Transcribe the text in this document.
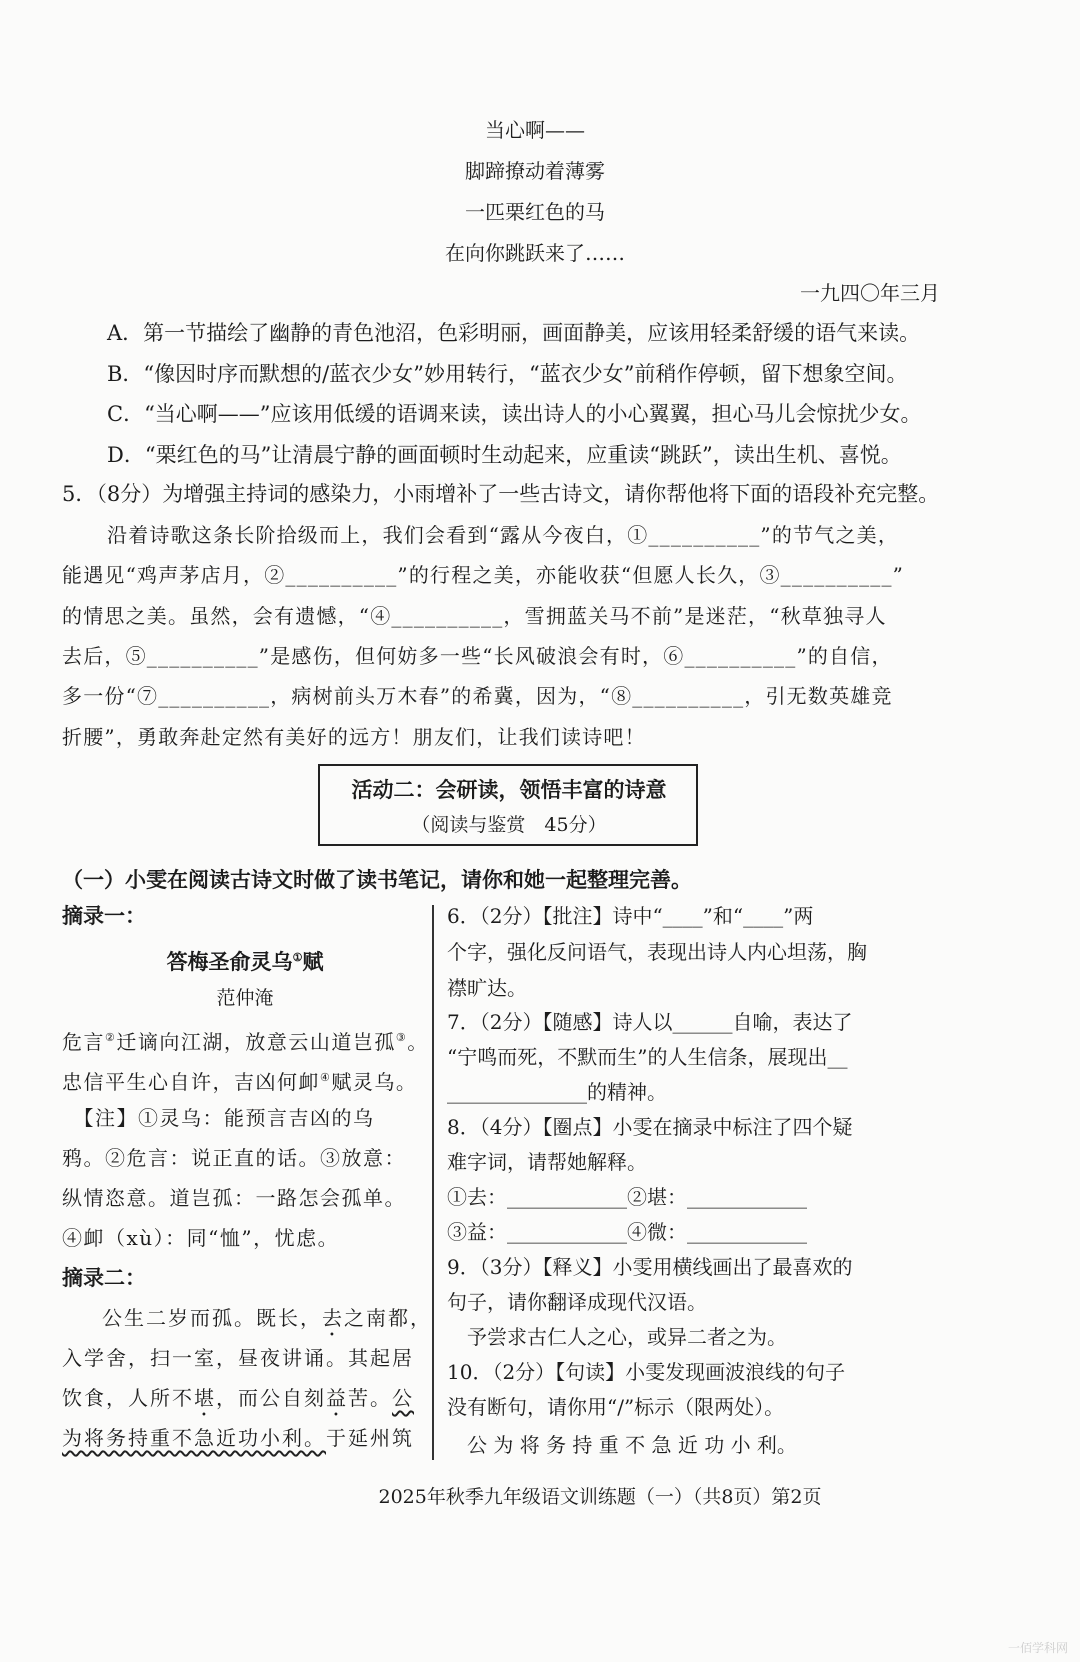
一佰学科网
当心啊——
脚蹄撩动着薄雾
一匹栗红色的马
在向你跳跃来了……
一九四〇年三月
A．第一节描绘了幽静的青色池沼，色彩明丽，画面静美，应该用轻柔舒缓的语气来读。
B．“像因时序而默想的/蓝衣少女”妙用转行，“蓝衣少女”前稍作停顿，留下想象空间。
C．“当心啊——”应该用低缓的语调来读，读出诗人的小心翼翼，担心马儿会惊扰少女。
D．“栗红色的马”让清晨宁静的画面顿时生动起来，应重读“跳跃”，读出生机、喜悦。
5．（8分）为增强主持词的感染力，小雨增补了一些古诗文，请你帮他将下面的语段补充完整。
沿着诗歌这条长阶拾级而上，我们会看到“露从今夜白，①__________”的节气之美，
能遇见“鸡声茅店月，②__________”的行程之美，亦能收获“但愿人长久，③__________”
的情思之美。虽然，会有遗憾，“④__________，雪拥蓝关马不前”是迷茫，“秋草独寻人
去后，⑤__________”是感伤，但何妨多一些“长风破浪会有时，⑥__________”的自信，
多一份“⑦__________，病树前头万木春”的希冀，因为，“⑧__________，引无数英雄竞
折腰”，勇敢奔赴定然有美好的远方！朋友们，让我们读诗吧！
活动二：会研读，领悟丰富的诗意
（阅读与鉴赏　45分）
（一）小雯在阅读古诗文时做了读书笔记，请你和她一起整理完善。
摘录一：
答梅圣俞灵乌①赋
范仲淹
危言②迁谪向江湖，放意云山道岂孤③。
忠信平生心自许，吉凶何卹④赋灵乌。
　【注】①灵乌：能预言吉凶的乌
鸦。②危言：说正直的话。③放意：
纵情恣意。道岂孤：一路怎会孤单。
④卹（xù）：同“恤”，忧虑。
摘录二：
　公生二岁而孤。既长，去之南都，
入学舍，扫一室，昼夜讲诵。其起居
饮食，人所不堪，而公自刻益苦。公
为将务持重不急近功小利。于延州筑
6．（2分）【批注】诗中“____”和“____”两
个字，强化反问语气，表现出诗人内心坦荡，胸
襟旷达。
7．（2分）【随感】诗人以______自喻，表达了
“宁鸣而死，不默而生”的人生信条，展现出__
______________的精神。
8．（4分）【圈点】小雯在摘录中标注了四个疑
难字词，请帮她解释。
①去：____________②堪：____________
③益：____________④微：____________
9．（3分）【释义】小雯用横线画出了最喜欢的
句子，请你翻译成现代汉语。
　予尝求古仁人之心，或异二者之为。
10．（2分）【句读】小雯发现画波浪线的句子
没有断句，请你用“/”标示（限两处）。
　公 为 将 务 持 重 不 急 近 功 小 利。
2025年秋季九年级语文训练题（一）（共8页）第2页
